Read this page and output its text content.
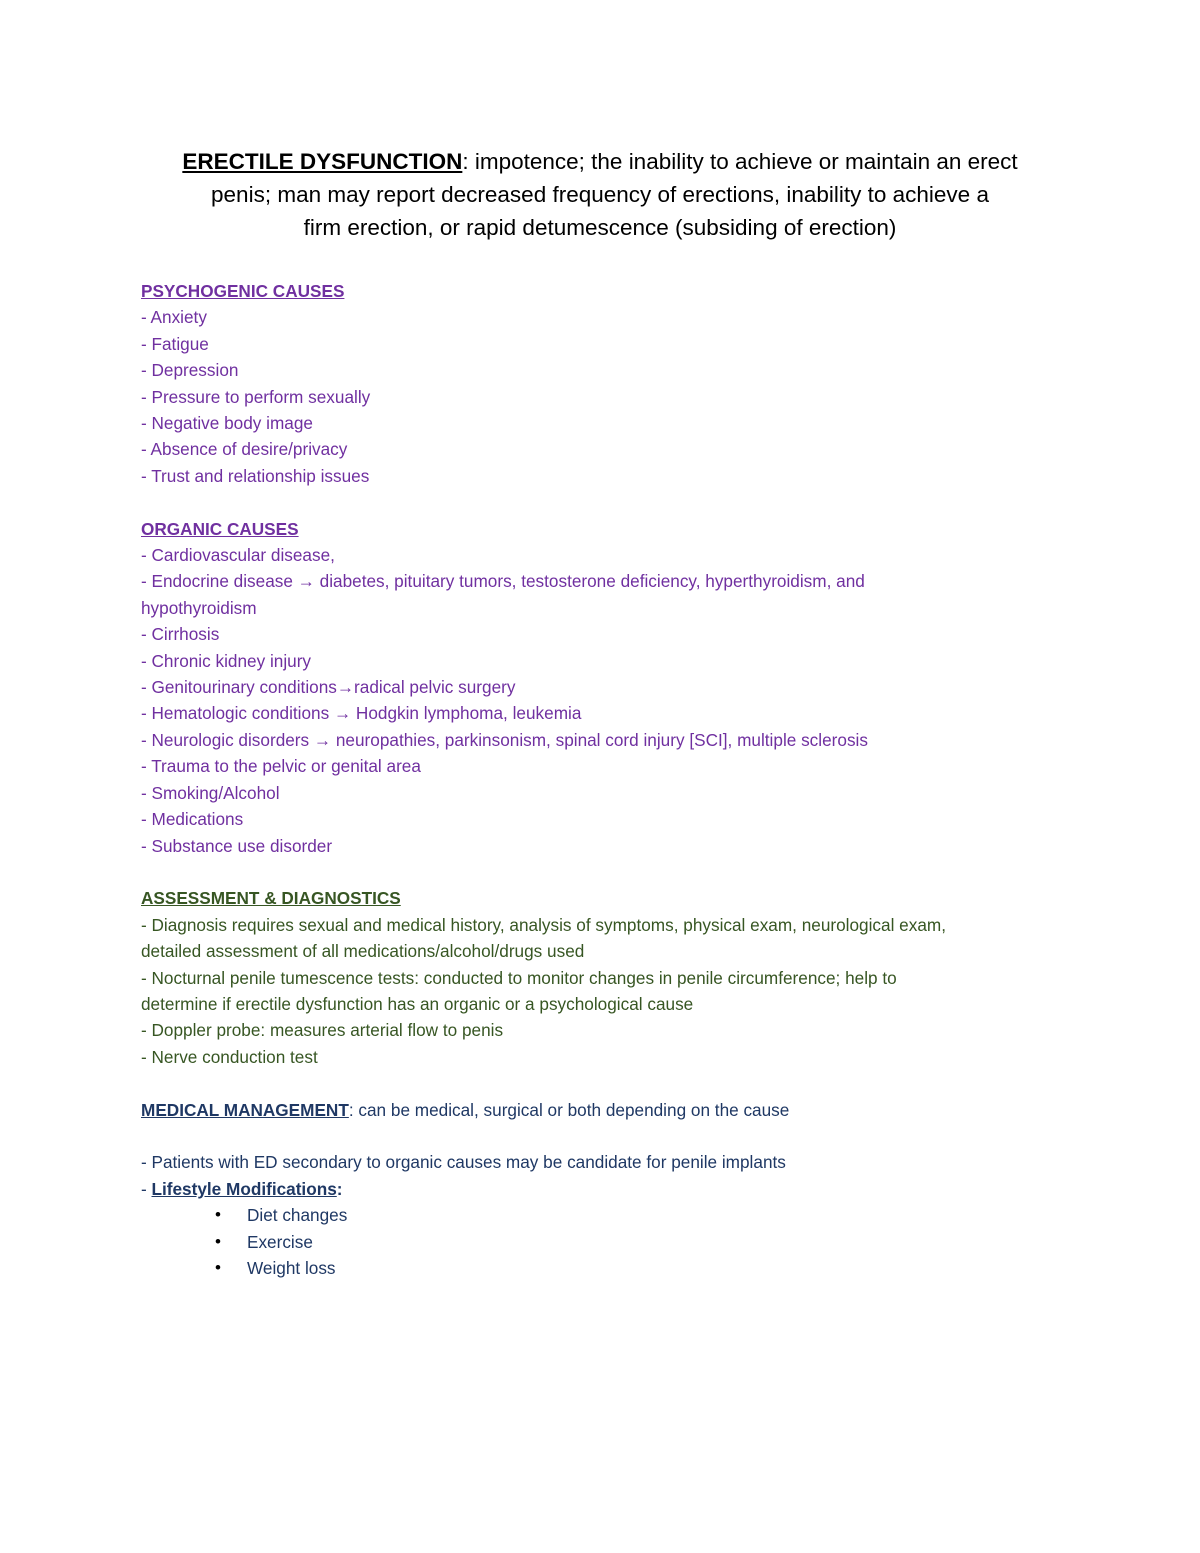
ERECTILE DYSFUNCTION: impotence; the inability to achieve or maintain an erect
penis; man may report decreased frequency of erections, inability to achieve a
firm erection, or rapid detumescence (subsiding of erection)
PSYCHOGENIC CAUSES
- Anxiety
- Fatigue
- Depression
- Pressure to perform sexually
- Negative body image
- Absence of desire/privacy
- Trust and relationship issues
ORGANIC CAUSES
- Cardiovascular disease,
- Endocrine disease → diabetes, pituitary tumors, testosterone deficiency, hyperthyroidism, and
hypothyroidism
- Cirrhosis
- Chronic kidney injury
- Genitourinary conditions→radical pelvic surgery
- Hematologic conditions → Hodgkin lymphoma, leukemia
- Neurologic disorders → neuropathies, parkinsonism, spinal cord injury [SCI], multiple sclerosis
- Trauma to the pelvic or genital area
- Smoking/Alcohol
- Medications
- Substance use disorder
ASSESSMENT & DIAGNOSTICS
- Diagnosis requires sexual and medical history, analysis of symptoms, physical exam, neurological exam,
detailed assessment of all medications/alcohol/drugs used
- Nocturnal penile tumescence tests: conducted to monitor changes in penile circumference; help to
determine if erectile dysfunction has an organic or a psychological cause
- Doppler probe: measures arterial flow to penis
- Nerve conduction test
MEDICAL MANAGEMENT: can be medical, surgical or both depending on the cause
- Patients with ED secondary to organic causes may be candidate for penile implants
- Lifestyle Modifications:
• Diet changes
• Exercise
• Weight loss
